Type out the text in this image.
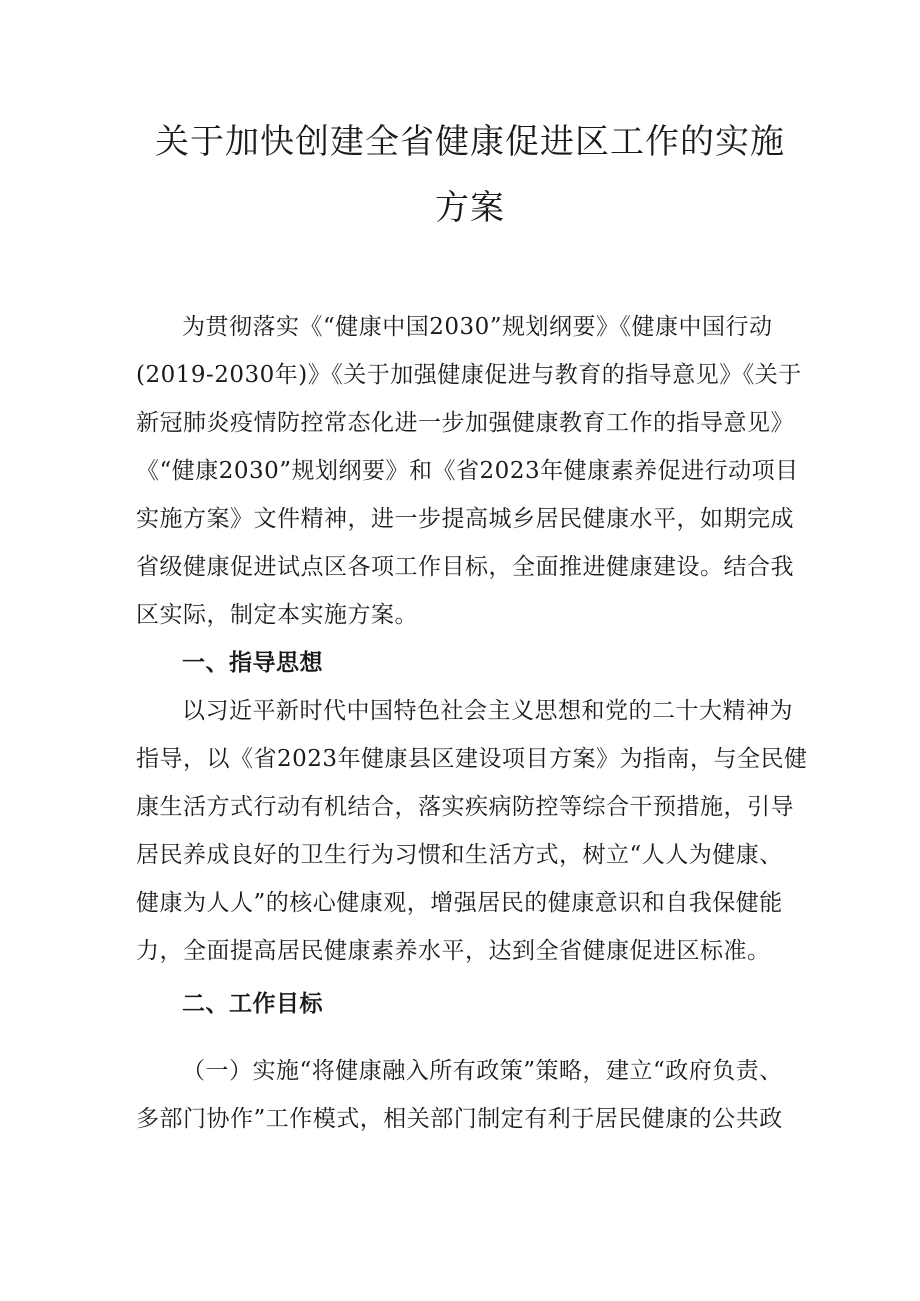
关于加快创建全省健康促进区工作的实施
方案
为贯彻落实《“健康中国2030”规划纲要》《健康中国行动
(2019-2030年)》《关于加强健康促进与教育的指导意见》《关于
新冠肺炎疫情防控常态化进一步加强健康教育工作的指导意见》
《“健康2030”规划纲要》和《省2023年健康素养促进行动项目
实施方案》文件精神，进一步提高城乡居民健康水平，如期完成
省级健康促进试点区各项工作目标，全面推进健康建设。结合我
区实际，制定本实施方案。
一、指导思想
以习近平新时代中国特色社会主义思想和党的二十大精神为
指导，以《省2023年健康县区建设项目方案》为指南，与全民健
康生活方式行动有机结合，落实疾病防控等综合干预措施，引导
居民养成良好的卫生行为习惯和生活方式，树立“人人为健康、
健康为人人”的核心健康观，增强居民的健康意识和自我保健能
力，全面提高居民健康素养水平，达到全省健康促进区标准。
二、工作目标
（一）实施“将健康融入所有政策”策略，建立“政府负责、
多部门协作”工作模式，相关部门制定有利于居民健康的公共政
